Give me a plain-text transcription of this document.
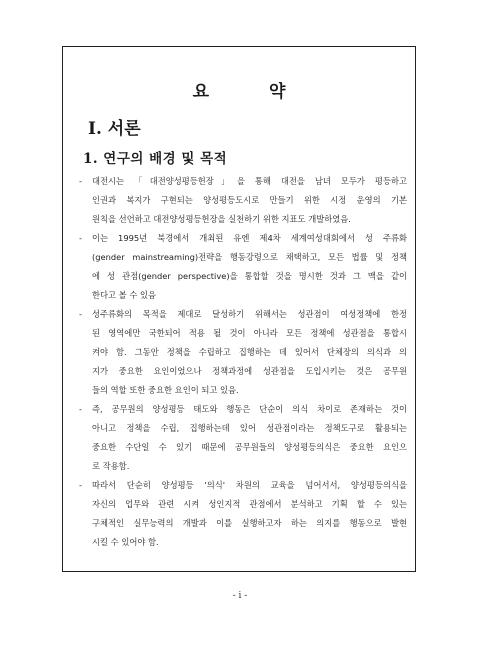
요	약
Ⅰ. 서론
1. 연구의 배경 및 목적
-	대전시는 「대전양성평등헌장」을 통해 대전을 남녀 모두가 평등하고
인권과 복지가 구현되는 양성평등도시로 만들기 위한 시정 운영의 기본
원칙을 선언하고 대전양성평등헌장을 실천하기 위한 지표도 개발하였음.
-	이는 1995년 북경에서 개최된 유엔 제4차 세계여성대회에서 성 주류화
(gender mainstreaming)전략을 행동강령으로 채택하고, 모든 법률 및 정책
에 성 관점(gender perspective)을 통합할 것을 명시한 것과 그 맥을 같이
한다고 볼 수 있음
-	성주류화의 목적을 제대로 달성하기 위해서는 성관점이 여성정책에 한정
된 영역에만 국한되어 적용 될 것이 아니라 모든 정책에 성관점을 통합시
켜야 함. 그동안 정책을 수립하고 집행하는 데 있어서 단체장의 의식과 의
지가 중요한 요인이었으나 정책과정에 성관점을 도입시키는 것은 공무원
들의 역할 또한 중요한 요인이 되고 있음.
-	즉, 공무원의 양성평등 태도와 행동은 단순이 의식 차이로 존재하는 것이
아니고 정책을 수립, 집행하는데 있어 성관점이라는 정책도구로 활용되는
중요한 수단일 수 있기 때문에 공무원들의 양성평등의식은 중요한 요인으
로 작용함.
-	따라서 단순히 양성평등 '의식' 차원의 교육을 넘어서서, 양성평등의식을
자신의 업무와 관련 시켜 성인지적 관점에서 분석하고 기획 할 수 있는
구체적인 실무능력의 개발과 이를 실행하고자 하는 의지를 행동으로 발현
시킬 수 있어야 함.
- ⅰ -
